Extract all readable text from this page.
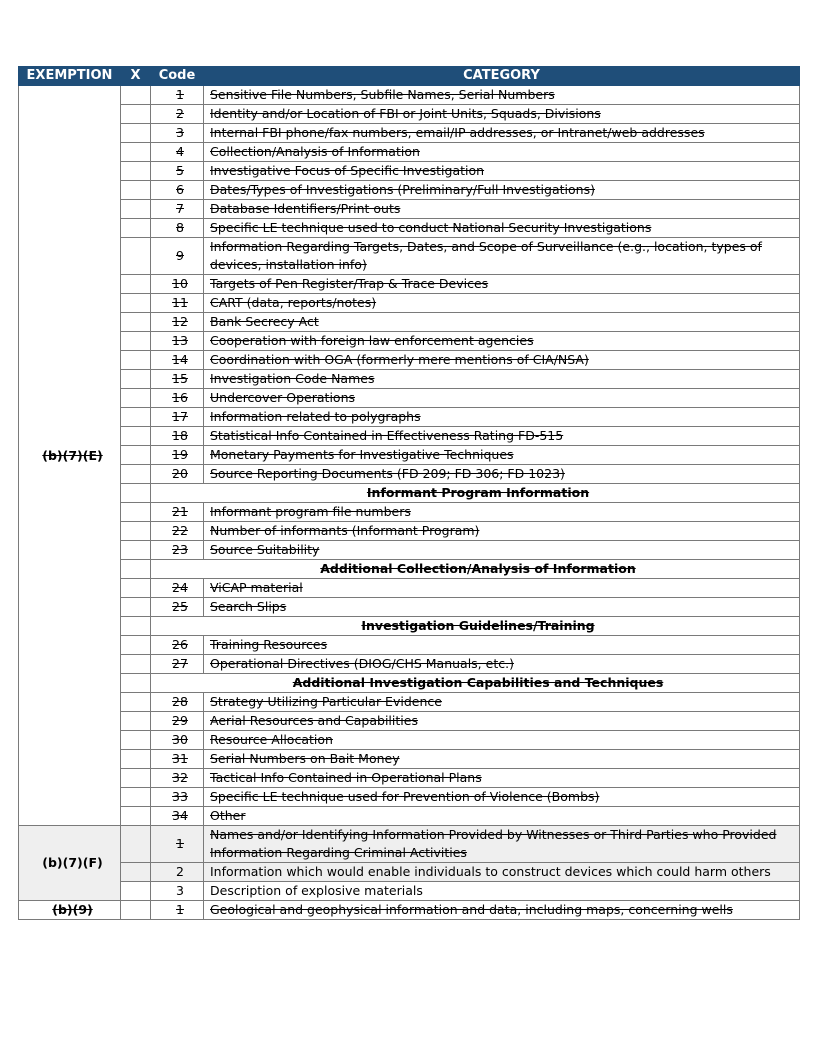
EXEMPTION	X	Code	CATEGORY
(b)(7)(E)		1	Sensitive File Numbers, Subfile Names, Serial Numbers
		2	Identity and/or Location of FBI or Joint Units, Squads, Divisions
		3	Internal FBI phone/fax numbers, email/IP addresses, or Intranet/web addresses
		4	Collection/Analysis of Information
		5	Investigative Focus of Specific Investigation
		6	Dates/Types of Investigations (Preliminary/Full Investigations)
		7	Database Identifiers/Print outs
		8	Specific LE technique used to conduct National Security Investigations
		9	Information Regarding Targets, Dates, and Scope of Surveillance (e.g., location, types of devices, installation info)
		10	Targets of Pen Register/Trap & Trace Devices
		11	CART (data, reports/notes)
		12	Bank Secrecy Act
		13	Cooperation with foreign law enforcement agencies
		14	Coordination with OGA (formerly mere mentions of CIA/NSA)
		15	Investigation Code Names
		16	Undercover Operations
		17	Information related to polygraphs
		18	Statistical Info Contained in Effectiveness Rating FD-515
		19	Monetary Payments for Investigative Techniques
		20	Source Reporting Documents (FD 209; FD 306; FD 1023)
		Informant Program Information	
		21	Informant program file numbers
		22	Number of informants (Informant Program)
		23	Source Suitability
		Additional Collection/Analysis of Information	
		24	ViCAP material
		25	Search Slips
		Investigation Guidelines/Training	
		26	Training Resources
		27	Operational Directives (DIOG/CHS Manuals, etc.)
		Additional Investigation Capabilities and Techniques	
		28	Strategy Utilizing Particular Evidence
		29	Aerial Resources and Capabilities
		30	Resource Allocation
		31	Serial Numbers on Bait Money
		32	Tactical Info Contained in Operational Plans
		33	Specific LE technique used for Prevention of Violence (Bombs)
		34	Other
(b)(7)(F)		1	Names and/or Identifying Information Provided by Witnesses or Third Parties who Provided Information Regarding Criminal Activities
		2	Information which would enable individuals to construct devices which could harm others
		3	Description of explosive materials
(b)(9)		1	Geological and geophysical information and data, including maps, concerning wells
